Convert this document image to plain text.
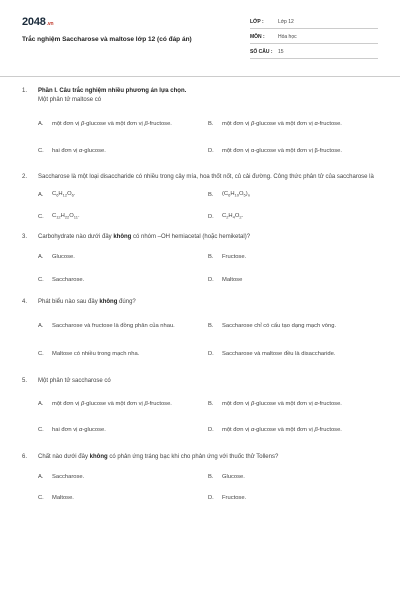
2048.vn
Trắc nghiệm Saccharose và maltose lớp 12 (có đáp án)
LỚP :	Lớp 12
MÔN :	Hóa học
SỐ CÂU :	15
1.	Phần I. Câu trắc nghiệm nhiều phương án lựa chọn.
Một phân tử maltose có
A.	một đơn vị β-glucose và một đơn vị β-fructose.	B.	một đơn vị β-glucose và một đơn vị α-fructose.
C.	hai đơn vị α-glucose.	D.	một đơn vị α-glucose và một đơn vị β-fructose.
2.	Saccharose là một loại disaccharide có nhiều trong cây mía, hoa thốt nốt, củ cải đường. Công thức phân tử của saccharose là
A.	$C_6H_{12}O_6$.	B.	$(C_6H_{10}O_5)_n$
C.	$C_{12}H_{22}O_{11}$.	D.	$C_2H_4O_2$.
3.	Carbohydrate nào dưới đây không có nhóm –OH hemiacetal (hoặc hemiketal)?
A.	Glucose.	B.	Fructose.
C.	Saccharose.	D.	Maltose
4.	Phát biểu nào sau đây không đúng?
A.	Saccharose và fructose là đồng phân của nhau.	B.	Saccharose chỉ có cấu tạo dạng mạch vòng.
C.	Maltose có nhiều trong mạch nha.	D.	Saccharose và maltose đều là disaccharide.
5.	Một phân tử saccharose có
A.	một đơn vị β-glucose và một đơn vị β-fructose.	B.	một đơn vị β-glucose và một đơn vị α-fructose.
C.	hai đơn vị α-glucose.	D.	một đơn vị α-glucose và một đơn vị β-fructose.
6.	Chất nào dưới đây không có phản ứng tráng bạc khi cho phản ứng với thuốc thử Tollens?
A.	Saccharose.	B.	Glucose.
C.	Maltose.	D.	Fructose.
